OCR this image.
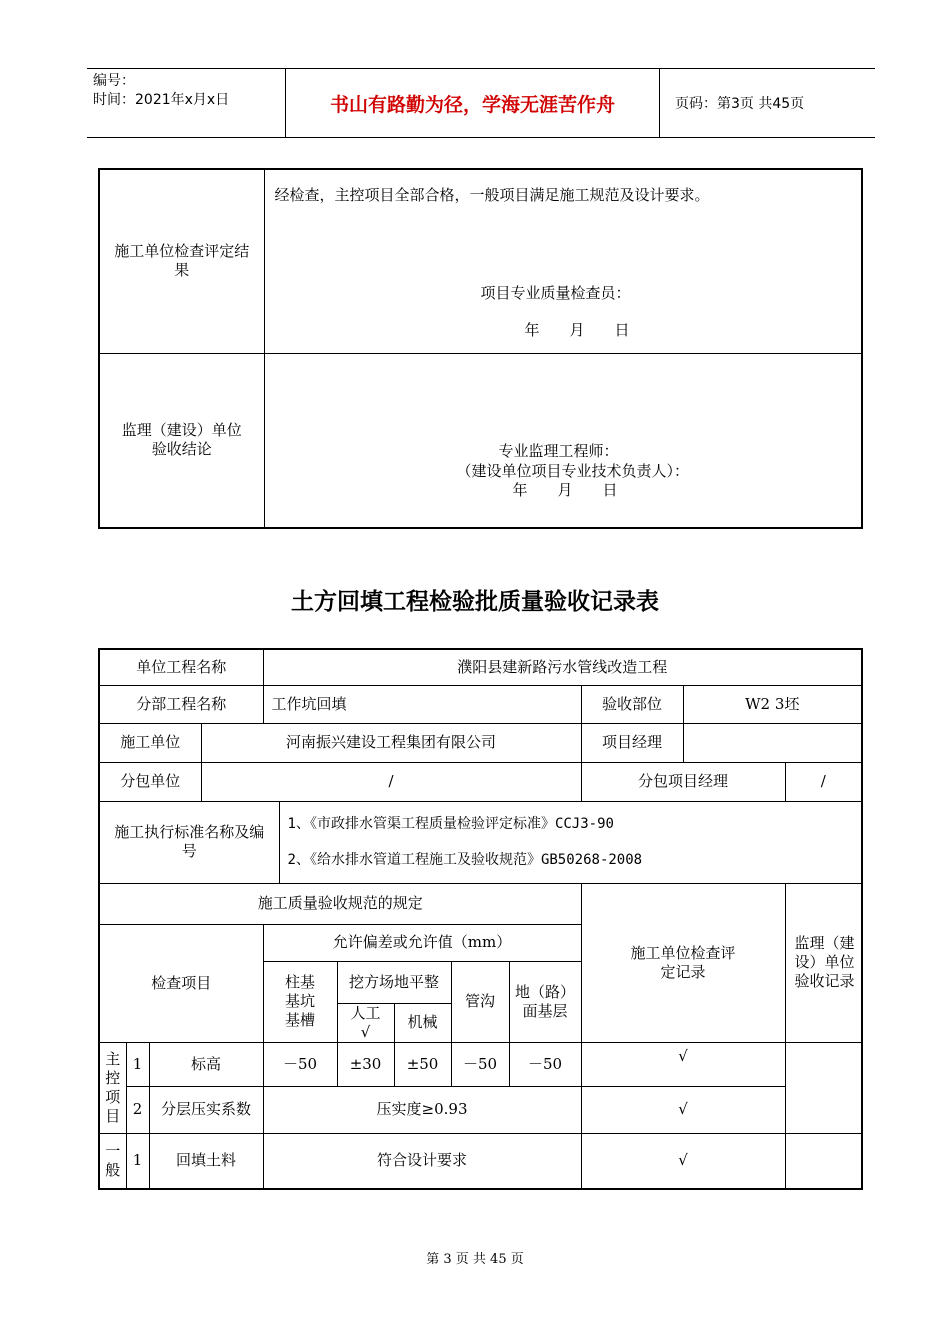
编号：
时间：2021年x月x日	书山有路勤为径，学海无涯苦作舟	页码：第3页 共45页
施工单位检查评定结果	经检查，主控项目全部合格，一般项目满足施工规范及设计要求。
项目专业质量检查员：
年　　月　　日

监理（建设）单位验收结论	专业监理工程师：
（建设单位项目专业技术负责人）：
年　　月　　日
土方回填工程检验批质量验收记录表
单位工程名称				濮阳县建新路污水管线改造工程								
分部工程名称				工作坑回填						验收部位	W2 3坯	
施工单位			河南振兴建设工程集团有限公司							项目经理		
分包单位			/							分包项目经理		/

施工执行标准名称及编号					1、《市政排水管渠工程质量检验评定标准》CCJ3-90
2、《给水排水管道工程施工及验收规范》GB50268-2008							

施工质量验收规范的规定										施工单位检查评定记录		监理（建设）单位验收记录

检查项目				允许偏差或允许值（mm）								

				柱基基坑基槽		挖方场地平整		管沟	地（路）面基层			

						人工√	机械					

主控项目	1	标高		－50		±30	±50	－50	－50	√		
	2	分层压实系数		压实度≥0.93						√		

一般	1	回填土料		符合设计要求						√		
第 3 页 共 45 页
